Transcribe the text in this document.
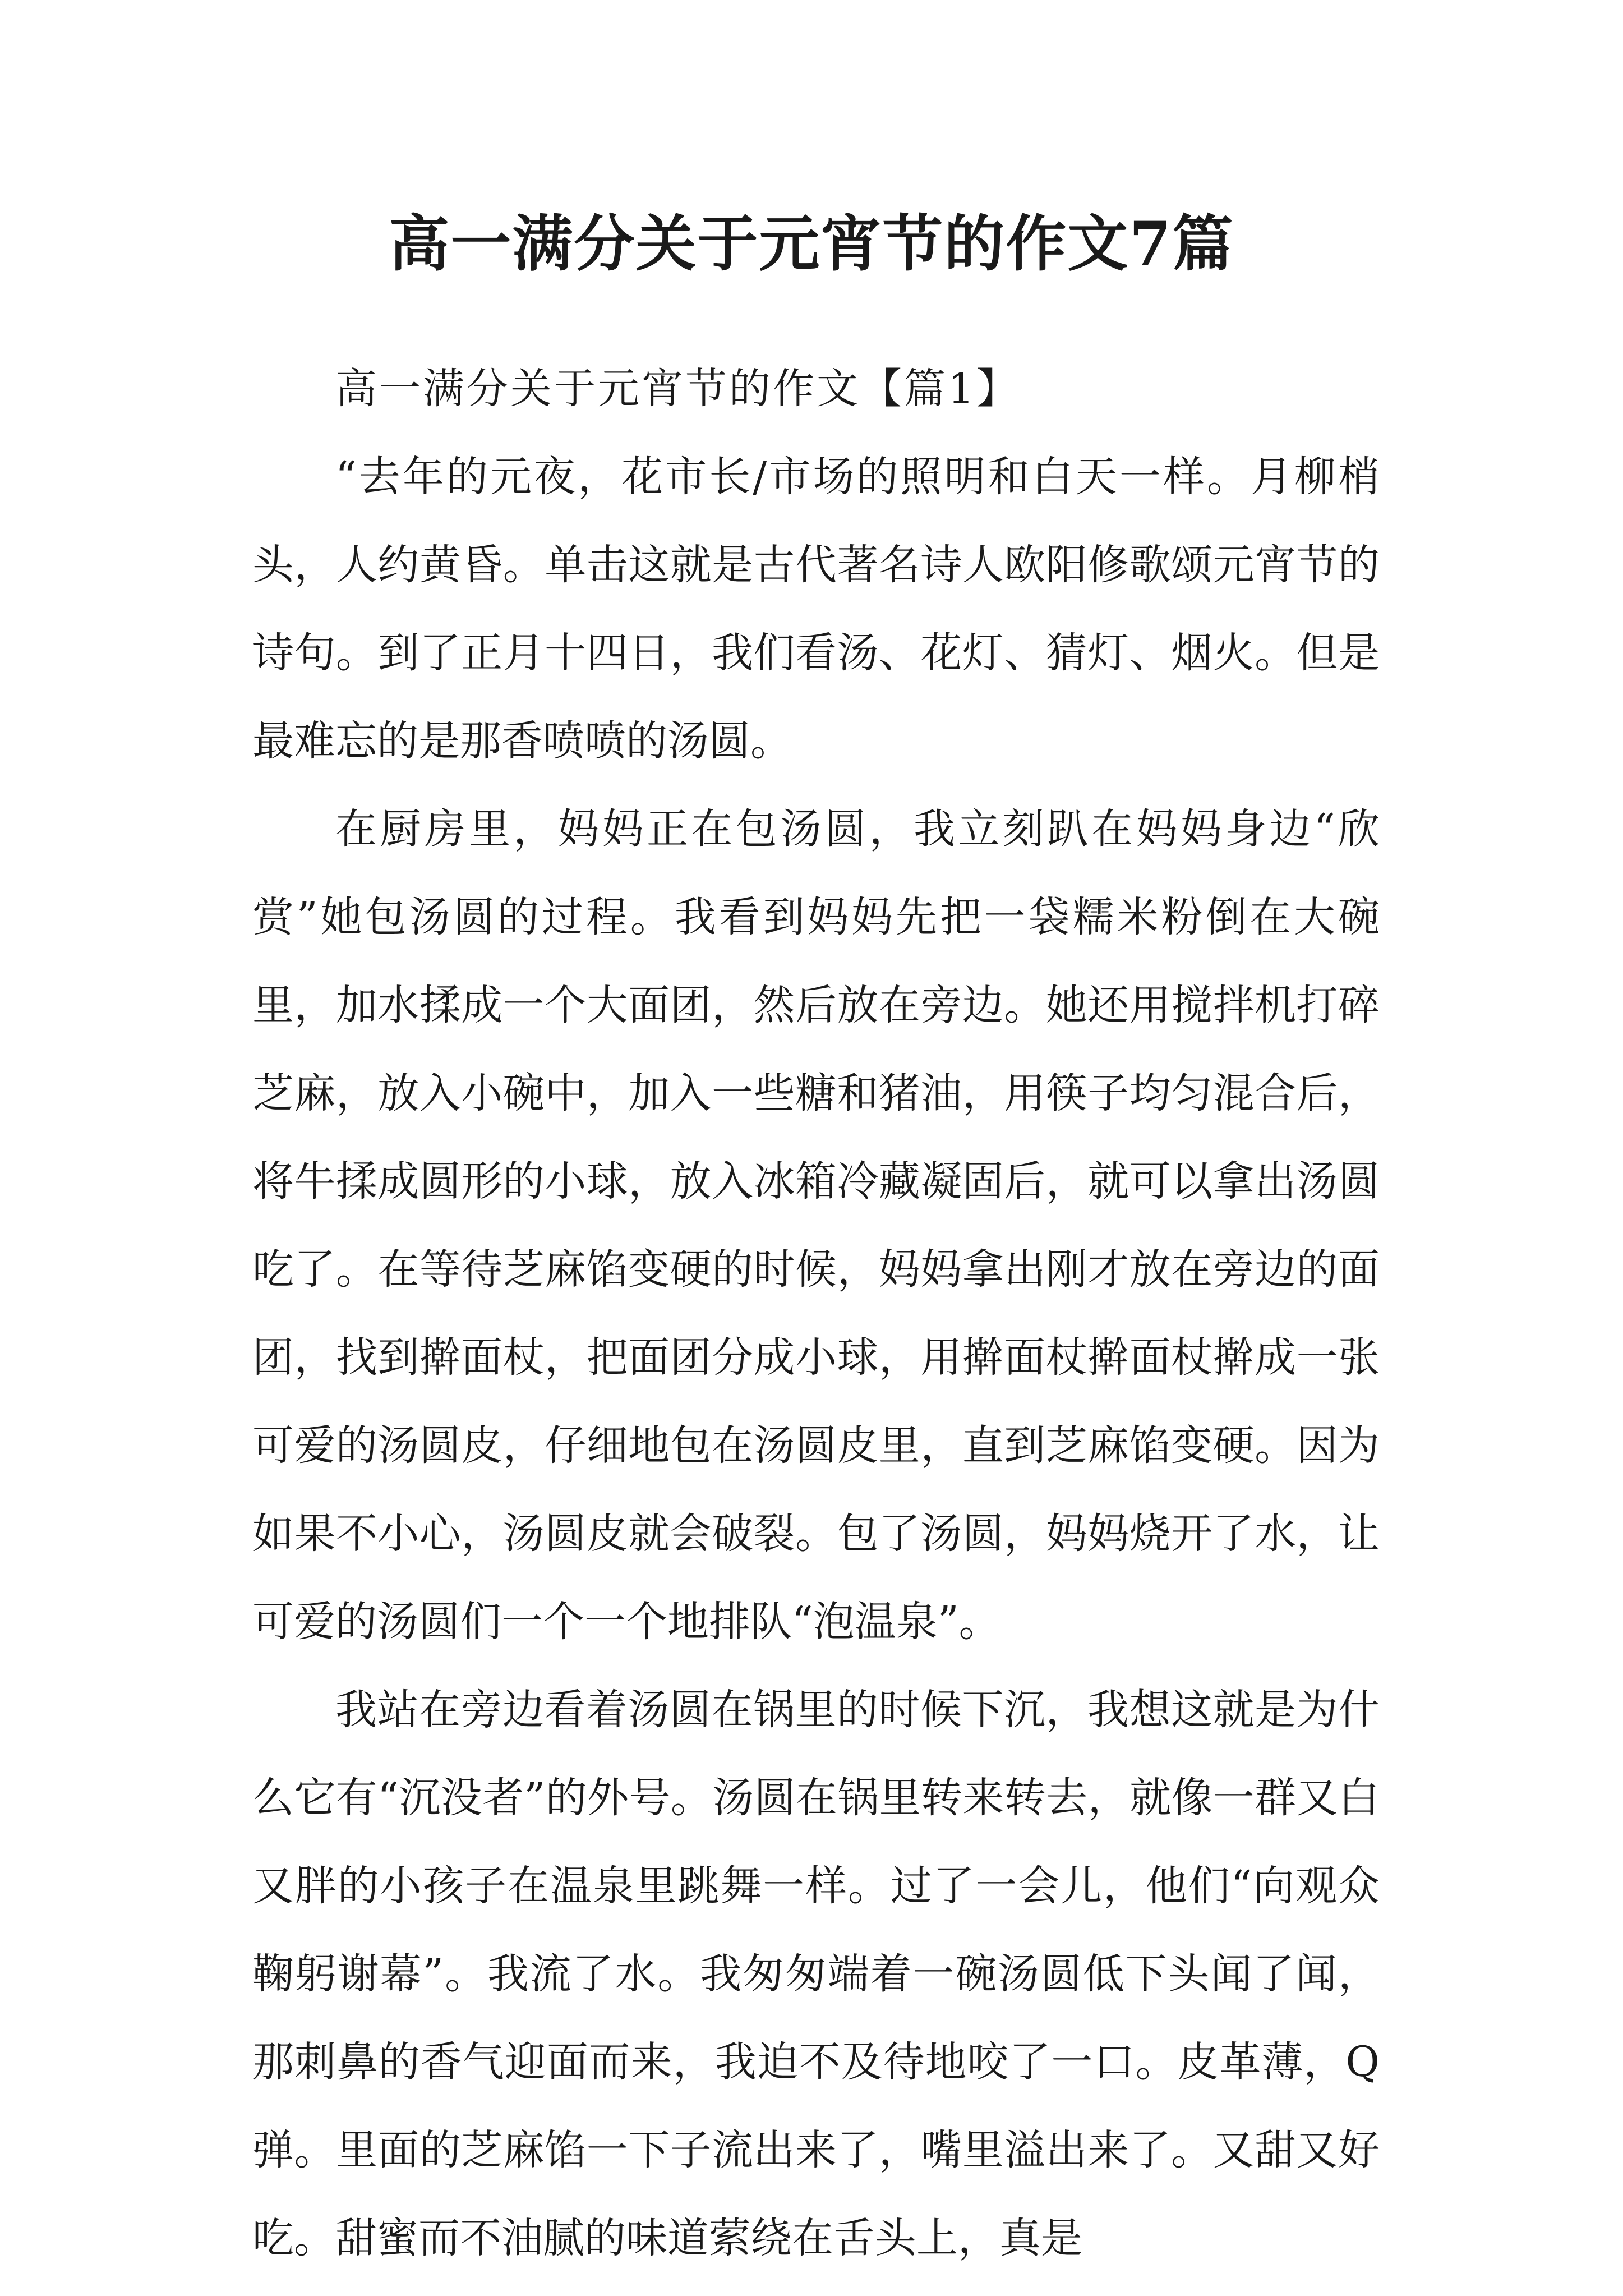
高一满分关于元宵节的作文7篇

高一满分关于元宵节的作文【篇1】

“去年的元夜，花市长/市场的照明和白天一样。月柳梢头，人约黄昏。单击这就是古代著名诗人欧阳修歌颂元宵节的诗句。到了正月十四日，我们看汤、花灯、猜灯、烟火。但是最难忘的是那香喷喷的汤圆。

在厨房里，妈妈正在包汤圆，我立刻趴在妈妈身边“欣赏”她包汤圆的过程。我看到妈妈先把一袋糯米粉倒在大碗里，加水揉成一个大面团，然后放在旁边。她还用搅拌机打碎芝麻，放入小碗中，加入一些糖和猪油，用筷子均匀混合后，将牛揉成圆形的小球，放入冰箱冷藏凝固后，就可以拿出汤圆吃了。在等待芝麻馅变硬的时候，妈妈拿出刚才放在旁边的面团，找到擀面杖，把面团分成小球，用擀面杖擀面杖擀成一张可爱的汤圆皮，仔细地包在汤圆皮里，直到芝麻馅变硬。因为如果不小心，汤圆皮就会破裂。包了汤圆，妈妈烧开了水，让可爱的汤圆们一个一个地排队“泡温泉”。

我站在旁边看着汤圆在锅里的时候下沉，我想这就是为什么它有“沉没者”的外号。汤圆在锅里转来转去，就像一群又白又胖的小孩子在温泉里跳舞一样。过了一会儿，他们“向观众鞠躬谢幕”。我流了水。我匆匆端着一碗汤圆低下头闻了闻，那刺鼻的香气迎面而来，我迫不及待地咬了一口。皮革薄，Q弹。里面的芝麻馅一下子流出来了，嘴里溢出来了。又甜又好吃。甜蜜而不油腻的味道萦绕在舌头上，真是
